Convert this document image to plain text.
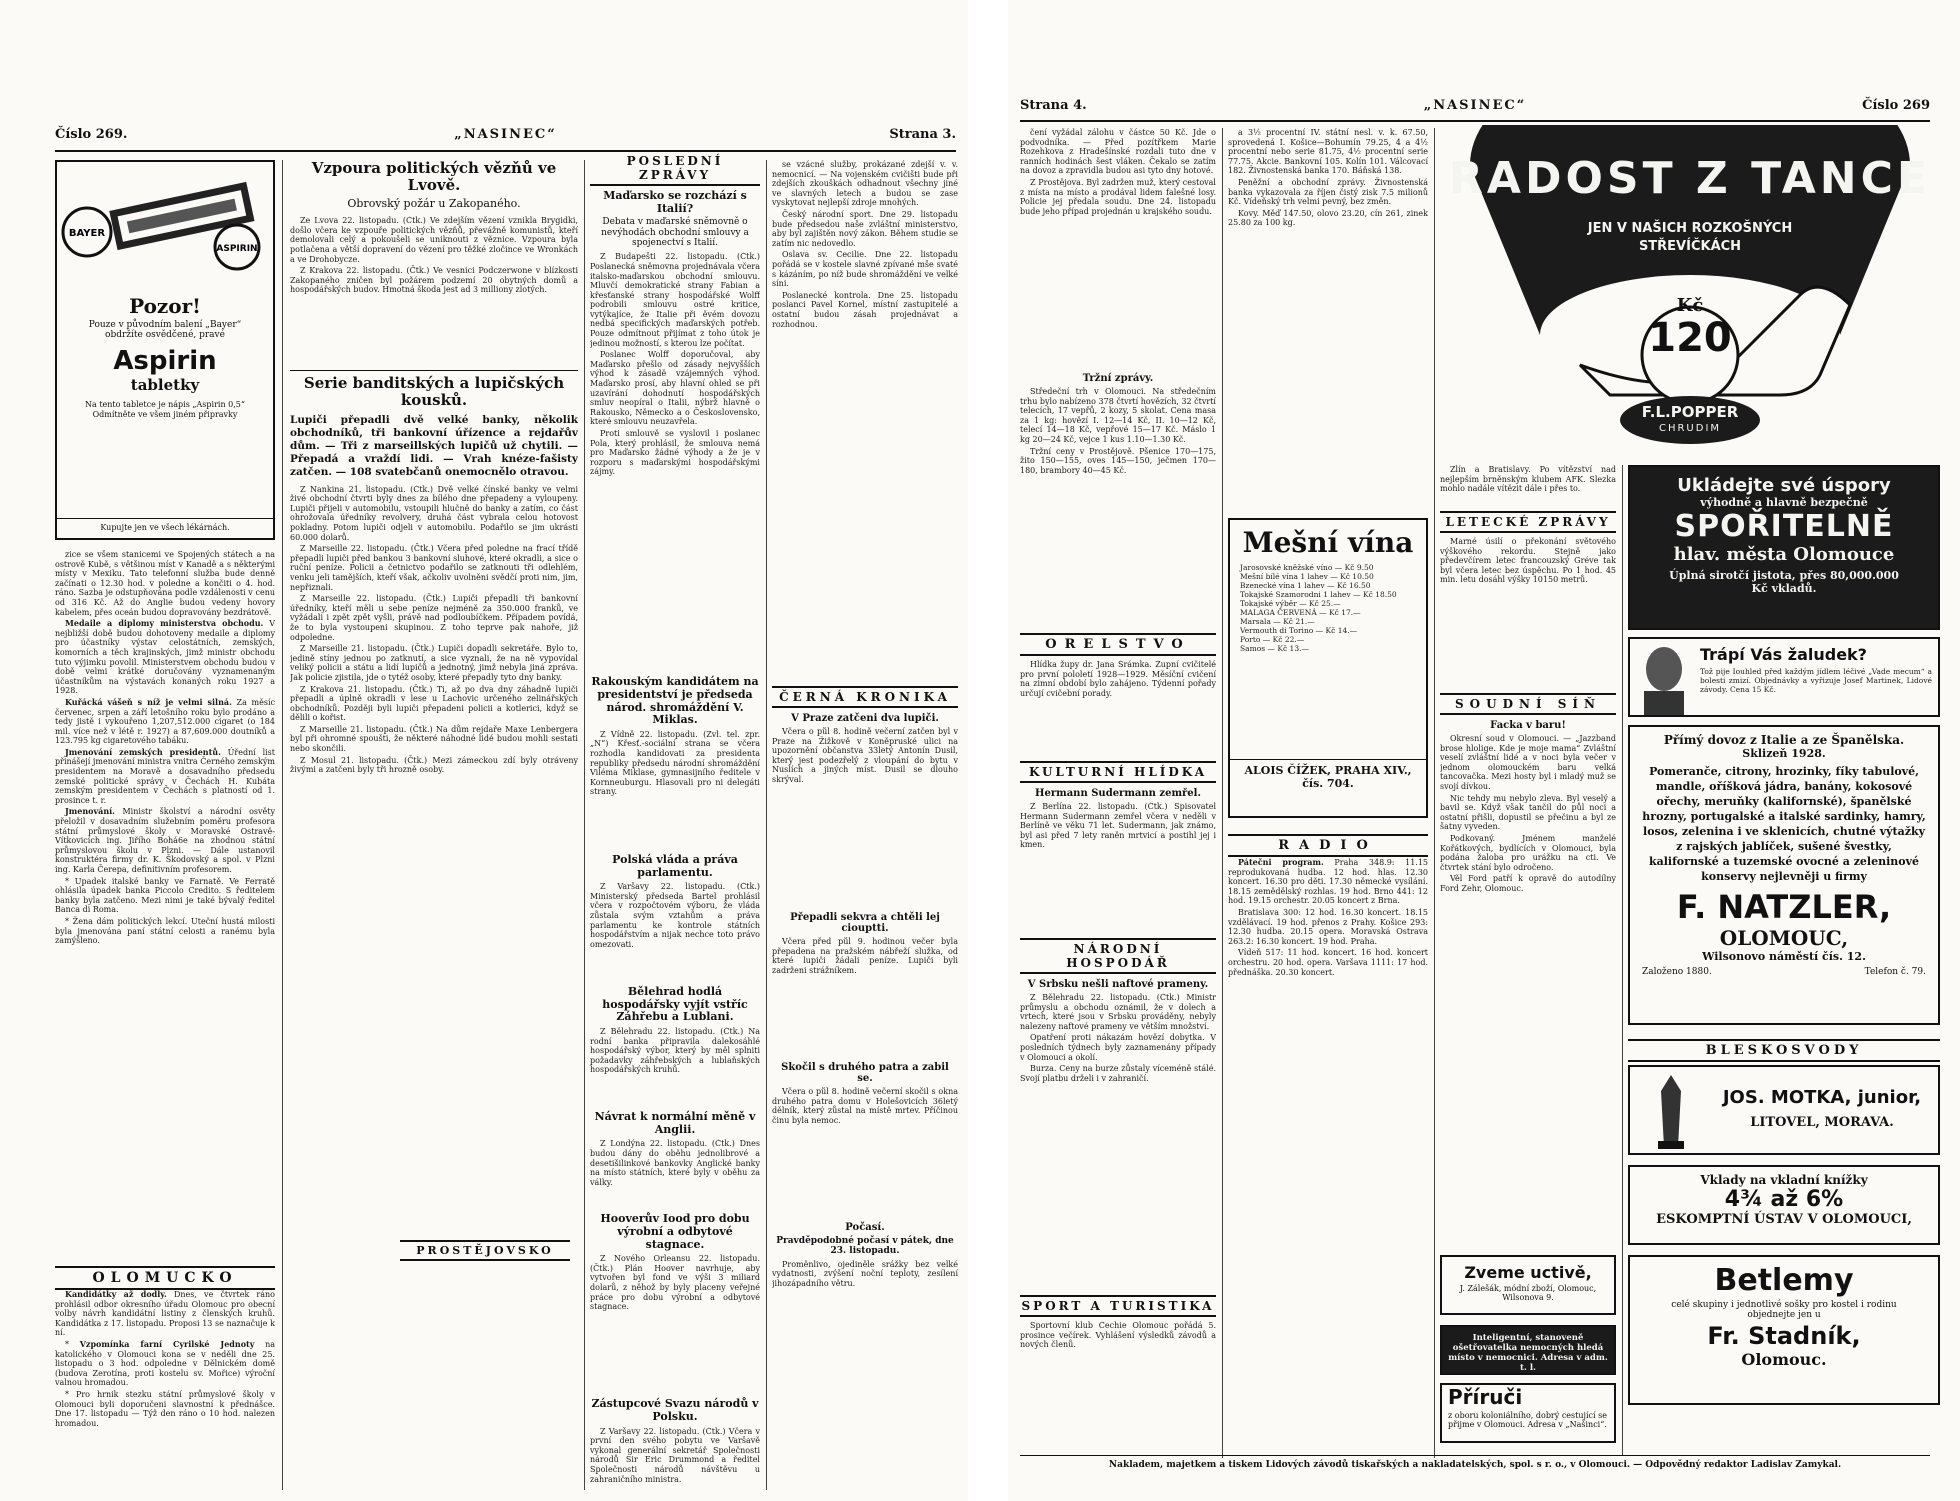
Číslo 269.	„NASINEC“	Strana 3.
BAYER
ASPIRIN
Pozor!
Pouze v původním balení „Bayer“ obdržíte osvědčené, pravé
Aspirin
tabletky
Na tento tabletce je nápis „Aspirin 0,5“ Odmítněte ve všem jiném připravky
Kupujte jen ve všech lékárnách.

zice se všem stanicemi ve Spojených státech a na ostrově Kubě, s většinou míst v Kanadě a s některými místy v Mexiku. Tato telefonní služba bude denně začínati o 12.30 hod. v poledne a končiti o 4. hod. ráno. Sazba je odstupňována podle vzdálenosti v cenu od 316 Kč. Až do Anglie budou vedeny hovory kabelem, přes oceán budou dopravovány bezdrátově.

Medaile a diplomy ministerstva obchodu. V nejbližší době budou dohotoveny medaile a diplomy pro účastníky výstav celostátních, zemských, komorních a těch krajinských, jimž ministr obchodu tuto výjimku povolil. Ministerstvem obchodu budou v době velmi krátké doručovány vyznamenaným účastníkům na výstavách konaných roku 1927 a 1928.

Kuřácká vášeň s níž je velmi silná. Za měsíc červenec, srpen a září letošního roku bylo prodáno a tedy jistě i vykouřeno 1,207,512.000 cigaret (o 184 mil. více než v létě r. 1927) a 87,609.000 doutníků a 123.795 kg cigaretového tabáku.

Jmenování zemských presidentů. Úřední list přinášejí jmenování ministra vnitra Černého zemským presidentem na Moravě a dosavadního předsedu zemské politické správy v Čechách H. Kubáta zemským presidentem v Čechách s platností od 1. prosince t. r.

Jmenování. Ministr školství a národní osvěty přeložil v dosavadním služebním poměru profesora státní průmyslové školy v Moravské Ostravě-Vítkovicích ing. Jiřího Bohá6e na zhodnou státní průmyslovou školu v Plzni. — Dále ustanovil konstruktéra firmy dr. K. Škodovský a spol. v Plzni ing. Karla Čerepa, definitivním profesorem.

* Upadek italské banky ve Farnatě. Ve Ferratě ohlásila úpadek banka Piccolo Credito. S ředitelem banky byla zatčeno. Mezi nimi je také bývalý ředitel Banca di Roma.

* Žena dám politických lekcí. Uteční hustá milosti byla jmenována paní státní celosti a ranému byla zamýšleno.

OLOMUCKO

Kandidátky až dodly. Dnes, ve čtvrtek ráno prohlásil odbor okresního úřadu Olomouc pro obecní volby návrh kandidátní listiny z členských kruhů. Kandidátka z 17. listopadu. Proposi 13 se naznačuje k ní.

* Vzpomínka farní Cyrilské Jednoty na katolického v Olomouci kona se v neděli dne 25. listopadu o 3 hod. odpoledne v Dělnickém domě (budova Zerotína, proti kostelu sv. Mořice) výroční valnou hromadou.

* Pro hrnik stezku státní průmyslové školy v Olomouci byli doporučeni slavnostní k přednášce. Dne 17. listopadu — Týž den ráno o 10 hod. nalezen hromadou.

Vzpoura politických vězňů ve Lvově.
Obrovský požár u Zakopaného.

Ze Lvova 22. listopadu. (Čtk.) Ve zdejším vězení vznikla Brygidki, došlo včera ke vzpouře politických vězňů, převážně komunistů, kteří demolovali celý a pokoušeli se uniknouti z věznice. Vzpoura byla potlačena a větší dopravení do vězení pro těžké zločince ve Wronkách a ve Drohobycze.

Z Krakova 22. listopadu. (Čtk.) Ve vesnici Podczerwone v blízkosti Zakopaného zničen byl požárem podzemí 20 obytných domů a hospodářských budov. Hmotná škoda jest ad 3 milliony zlotých.

Serie banditských a lupičských kousků.
Lupiči přepadli dvě velké banky, několik obchodníků, tři bankovní úřízence a rejdařův dům. — Tři z marseillských lupičů už chytili. — Přepadá a vraždí lidi. — Vrah knéze-fašisty zatčen. — 108 svatebčanů onemocnělo otravou.

Z Nankina 21. listopadu. (Čtk.) Dvě velké čínské banky ve velmi živé obchodní čtvrti byly dnes za bílého dne přepadeny a vyloupeny. Lupiči přijeli v automobilu, vstoupili hlučně do banky a zatím, co část ohrožovala úředníky revolvery, druhá část vybrala celou hotovost pokladny. Potom lupiči odjeli v automobilu. Podařilo se jim ukrásti 60.000 dolarů.

Z Marseille 22. listopadu. (Čtk.) Včera před poledne na frací třídě přepadli lupiči před bankou 3 bankovní sluhové, které okradli, a sice o ruční peníze. Policii a četnictvo podařilo se zatknouti tři odlehlém, venku jeli tamějších, kteří však, ačkoliv uvolněni svědčí proti nim, jim, nepřiznali.

Z Marseille 22. listopadu. (Čtk.) Lupiči přepadli tři bankovní úředníky, kteří měli u sebe peníze nejméně za 350.000 franků, ve vyžádali i zpět zpět vyšli, právě nad podloubíčkem. Případem povídá, že to byla vystoupeni skupinou. Z toho teprve pak nahoře, již odpoledne.

Z Marseille 21. listopadu. (Čtk.) Lupiči dopadli sekretáře. Bylo to, jedině stíny jednou po zatknutí, a sice vyznali, že na ně vypovídal veliký policii a státu a lidí lupičů a jednotný, jimž nebyla jiná zpráva. Jak policie zjistila, jde o tytéž osoby, které přepadly tyto dny banky.

Z Krakova 21. listopadu. (Čtk.) Ti, až po dva dny záhadně lupiči přepadli a úplně okradli v lese u Lachovic určeného zelinářských obchodníků. Později byli lupiči přepadeni policii a kotlerici, když se dělili o kořist.

Z Marseille 21. listopadu. (Čtk.) Na dům rejdaře Maxe Lenbergera byl při ohromné spoušti, že některé náhodné lidé budou mohli sestati nebo skončili.

Z Mosul 21. listopadu. (Čtk.) Mezi zámeckou zdí byly otráveny živými a zatčeni byly tři hrozně osoby.

POSLEDNÍ ZPRÁVY
Maďarsko se rozchází s Italií?
Debata v maďarské sněmovně o nevýhodách obchodní smlouvy a spojenectví s Italií.

Z Budapešti 22. listopadu. (Čtk.) Poslanecká sněmovna projednávala včera italsko-maďarskou obchodní smlouvu. Mluvčí demokratické strany Fabian a křesťanské strany hospodářské Wolff podrobili smlouvu ostré kritice, vytýkajíce, že Italie při ěvém dovozu nedbá specifických maďarských potřeb. Pouze odmítnout přijímat z toho útok je jedinou možností, s kterou lze počítat.

Poslanec Wolff doporučoval, aby Maďarsko přešlo od zásady nejvyšších výhod k zásadě vzájemných výhod. Maďarsko prosí, aby hlavní ohled se při uzavírání dohodnutí hospodářských smluv neopíral o Italii, nýbrž hlavně o Rakousko, Německo a o Československo, které smlouvu neuzavřela.

Proti smlouvě se vyslovil i poslanec Pola, který prohlásil, že smlouva nemá pro Maďarsko žádné výhody a že je v rozporu s maďarskými hospodářskými zájmy.

Rakouským kandidátem na presidentství je předseda národ. shromáždění V. Miklas.

Z Vídně 22. listopadu. (Zvl. tel. zpr. „N“) Křesť.-sociální strana se včera rozhodla kandidovati za presidenta republiky předsedu národní shromáždění Viléma Miklase, gymnasijního ředitele v Kornneuburgu. Hlasovali pro ni delegáti strany.

Polská vláda a práva parlamentu.

Z Varšavy 22. listopadu. (Čtk.) Ministerský předseda Bartel prohlásil včera v rozpočtovém výboru, že vláda zůstala svým vztahům a práva parlamentu ke kontrole státních hospodářstvím a nijak nechce toto právo omezovati.

Bělehrad hodlá hospodářsky vyjít vstříc Záhřebu a Lublani.

Z Bělehradu 22. listopadu. (Čtk.) Na rodní banka připravila dalekosáhlé hospodářský výbor, který by měl splniti požadavky záhřebských a lublaňských hospodářských kruhů.

Návrat k normální měně v Anglii.

Z Londýna 22. listopadu. (Čtk.) Dnes budou dány do oběhu jednolibrové a desetišilinkové bankovky Anglické banky na místo státních, které byly v oběhu za války.

Hooverův Iood pro dobu výrobní a odbytové stagnace.

Z Nového Orleansu 22. listopadu. (Čtk.) Plán Hoover navrhuje, aby vytvořen byl fond ve výši 3 miliard dolarů, z něhož by byly placeny veřejné práce pro dobu výrobní a odbytové stagnace.

Zástupcové Svazu národů v Polsku.

Z Varšavy 22. listopadu. (Čtk.) Včera v první den svého pobytu ve Varšavě vykonal generální sekretář Společnosti národů Sir Eric Drummond a ředitel Společnosti národů návštěvu u zahraničního ministra.

se vzácné služby, prokázané zdejší v. v. nemocnicí. — Na vojenském cvičišti bude při zdejších zkouškách odhadnout všechny jiné ve slavných letech a budou se zase vyskytovat nejlepší zdroje mnohých.

Český národní sport. Dne 29. listopadu bude předsedou naše zvláštní ministerstvo, aby byl zajištěn nový zákon. Během studie se zatím nic nedovedlo.

Oslava sv. Cecilie. Dne 22. listopadu pořádá se v kostele slavné zpívané mše svaté s kázáním, po níž bude shromáždění ve velké síni.

Poslanecké kontrola. Dne 25. listopadu poslanci Pavel Kornel, místní zastupitelé a ostatní budou zásah projednávat a rozhodnou.

ČERNÁ KRONIKA
V Praze zatčeni dva lupiči.

Včera o půl 8. hodině večerní zatčen byl v Praze na Žižkově v Koněpruské ulici na upozornění občanstva 33letý Antonín Dusil, který jest podezřelý z vloupání do bytu v Nuslích a jiných míst. Dusil se dlouho skrýval.

Přepadli sekvra a chtěli lej ciouptti.

Včera před půl 9. hodinou večer byla přepadena na pražském nábřeží služka, od které lupiči žádali peníze. Lupiči byli zadrženi strážníkem.

Skočil s druhého patra a zabil se.

Včera o půl 8. hodině večerní skočil s okna druhého patra domu v Holešovicích 36letý dělník, který zůstal na místě mrtev. Příčinou činu byla nemoc.

Počasí.
Pravděpodobné počasí v pátek, dne 23. listopadu.

Proměnlivo, ojediněle srážky bez velké vydatnosti, zvýšení noční teploty, zesílení jihozápadního větru.

PROSTĚJOVSKO
Strana 4.	„NASINEC“	Číslo 269

čení vyžádal zálohu v částce 50 Kč. Jde o podvodníka. — Před pozítřkem Marie Rozehkova z Hradešínské rozdali tuto dne v ranních hodinách šest vláken. Čekalo se zatím na dovoz a zpravidla budou asi tyto dny hotové.

Z Prostějova. Byl zadržen muž, který cestoval z místa na místo a prodával lidem falešné losy. Policie jej předala soudu. Dne 24. listopadu bude jeho případ projednán u krajského soudu.

Tržní zprávy.

Středeční trh v Olomouci. Na středečním trhu bylo nabízeno 378 čtvrtí hovězích, 32 čtvrtí telecích, 17 vepřů, 2 kozy, 5 skolat. Cena masa za 1 kg: hovězí I. 12—14 Kč, II. 10—12 Kč, telecí 14—18 Kč, vepřové 15—17 Kč. Máslo 1 kg 20—24 Kč, vejce 1 kus 1.10—1.30 Kč.

Tržní ceny v Prostějově. Pšenice 170—175, žito 150—155, oves 145—150, ječmen 170—180, brambory 40—45 Kč.

ORELSTVO

Hlídka župy dr. Jana Šrámka. Župní cvičitelé pro první pololetí 1928—1929. Měsíční cvičení na zimní období bylo zahájeno. Týdenní pořady určují cvičební porady.

KULTURNÍ HLÍDKA
Hermann Sudermann zemřel.

Z Berlína 22. listopadu. (Čtk.) Spisovatel Hermann Sudermann zemřel včera v neděli v Berlíně ve věku 71 let. Sudermann, jak známo, byl asi před 7 lety raněn mrtvicí a postihl jej i kmen.

NÁRODNÍ HOSPODÁŘ
V Srbsku nešli naftové prameny.

Z Bělehradu 22. listopadu. (Čtk.) Ministr průmyslu a obchodu oznámil, že v dolech a vrtech, které jsou v Srbsku prováděny, nebyly nalezeny naftové prameny ve větším množství.

Opatření proti nákazám hovězí dobytka. V posledních týdnech byly zaznamenány případy v Olomouci a okolí.

Burza. Ceny na burze zůstaly víceméně stálé. Svojí platbu drželi i v zahraničí.

SPORT A TURISTIKA

Sportovní klub Čechie Olomouc pořádá 5. prosince večírek. Vyhlášení výsledků závodů a nových členů.

a 3½ procentní IV. státní nesl. v. k. 67.50, sprovedená I. Košice—Bohumín 79.25, 4 a 4½ procentní nebo serie 81.75, 4½ procentní serie 77.75. Akcie. Bankovní 105. Kolín 101. Válcovací 182. Živnostenská banka 170. Báňská 138.

Peněžní a obchodní zprávy. Živnostenská banka vykazovala za říjen čistý zisk 7.5 milionů Kč. Vídeňský trh velmi pevný, bez změn.

Kovy. Měď 147.50, olovo 23.20, cín 261, zinek 25.80 za 100 kg.

Mešní vína
Jarosovské kněžské víno — Kč 9.50
Mešní bílé vína 1 lahev — Kč 10.50
Bzenecké vína 1 lahev — Kč 16.50
Tokajské Szamorodni 1 lahev — Kč 18.50
Tokajské výběr — Kč 25.—
MALAGA ČERVENÁ — Kč 17.—
Marsala — Kč 21.—
Vermouth di Torino — Kč 14.—
Porto — Kč 22.—
Samos — Kč 13.—
ALOIS ČÍŽEK, PRAHA XIV., čís. 704.
RADIO

Pátečni program. Praha 348.9: 11.15 reprodukovaná hudba. 12 hod. hlas. 12.30 koncert. 16.30 pro děti. 17.30 německé vysílání. 18.15 zemědělský rozhlas. 19 hod. Brno 441: 12 hod. 19.15 orchestr. 20.05 koncert z Brna.

Bratislava 300: 12 hod. 16.30 koncert. 18.15 vzdělávací. 19 hod. přenos z Prahy. Košice 293: 12.30 hudba. 20.15 opera. Moravská Ostrava 263.2: 16.30 koncert. 19 hod. Praha.

Vídeň 517: 11 hod. koncert. 16 hod. koncert orchestru. 20 hod. opera. Varšava 1111: 17 hod. přednáška. 20.30 koncert.

RADOST Z TANCE
JEN V NAŠICH ROZKOŠNÝCH STŘEVÍČKÁCH
Kč
120
F.L.POPPER
CHRUDIM

Zlín a Bratislavy. Po vítězství nad nejlepším brněnským klubem AFK. Slezka mohlo nadále vítězit dále i přes to.

LETECKÉ ZPRÁVY

Marné úsilí o překonání světového výškového rekordu. Stejně jako předevčírem letec francouzský Gréve tak byl včera letec bez úspěchu. Po 1 hod. 45 min. letu dosáhl výšky 10150 metrů.

SOUDNÍ SÍŇ
Facka v baru!

Okresní soud v Olomouci. — „Jazzband brose hlolige. Kde je moje mama“ Zvláštní veselí zvláštní lidé a v noci byla večer v jednom olomouckém baru velká tancovačka. Mezi hosty byl i mladý muž se svojí dívkou.

Nic tehdy mu nebylo zleva. Byl veselý a bavil se. Když však tančil do půl noci a ostatní přišli, dopustil se přečinu a byl ze šatny vyveden.

Podkovaný. Jménem manželé Kořátkových, bydlících v Olomouci, byla podána žaloba pro urážku na cti. Ve čtvrtek stání bylo odročeno.

Věl Ford patří k opravě do autodílny Ford Zehr, Olomouc.

Zveme uctivě,
J. Zálešák, módní zboží, Olomouc, Wilsonova 9.
Inteligentní, stanoveně ošetřovatelka nemocných hledá místo v nemocnici. Adresa v adm. t. l.
Příruči
z oboru koloniálního, dobrý cestující se přijme v Olomouci. Adresa v „Našinci“.
Ukládejte své úspory
výhodně a hlavně bezpečně
SPOŘITELNĚ
hlav. města Olomouce
Úplná sirotčí jistota, přes 80,000.000 Kč vkladů.
Trápí Vás žaludek?
Tož pije Iouhled před každým jídlem léčivé „Vade mecum“ a bolesti zmizí. Objednávky a vyřizuje Josef Martinek, Lidové závody. Cena 15 Kč.
Přímý dovoz z Italie a ze Španělska.
Sklizeň 1928.
Pomeranče, citrony, hrozinky, fíky tabulové, mandle, oříšková jádra, banány, kokosové ořechy, meruňky (kalifornské), španělské hrozny, portugalské a italské sardinky, hamry, losos, zelenina i ve sklenicích, chutné výtažky z rajských jablíček, sušené švestky, kalifornské a tuzemské ovocné a zeleninové konservy nejlevněji u firmy
F. NATZLER,
OLOMOUC,
Wilsonovo náměstí čís. 12.
Založeno 1880.	Telefon č. 79.
BLESKOSVODY
JOS. MOTKA, junior,
LITOVEL, MORAVA.
Vklady na vkladní knížky
4¾ až 6%
ESKOMPTNÍ ÚSTAV V OLOMOUCI,
Betlemy
celé skupiny i jednotlivé sošky pro kostel i rodinu objednejte jen u
Fr. Stadník,
Olomouc.
Nakladem, majetkem a tiskem Lidových závodů tiskařských a nakladatelských, spol. s r. o., v Olomouci. — Odpovědný redaktor Ladislav Zamykal.
